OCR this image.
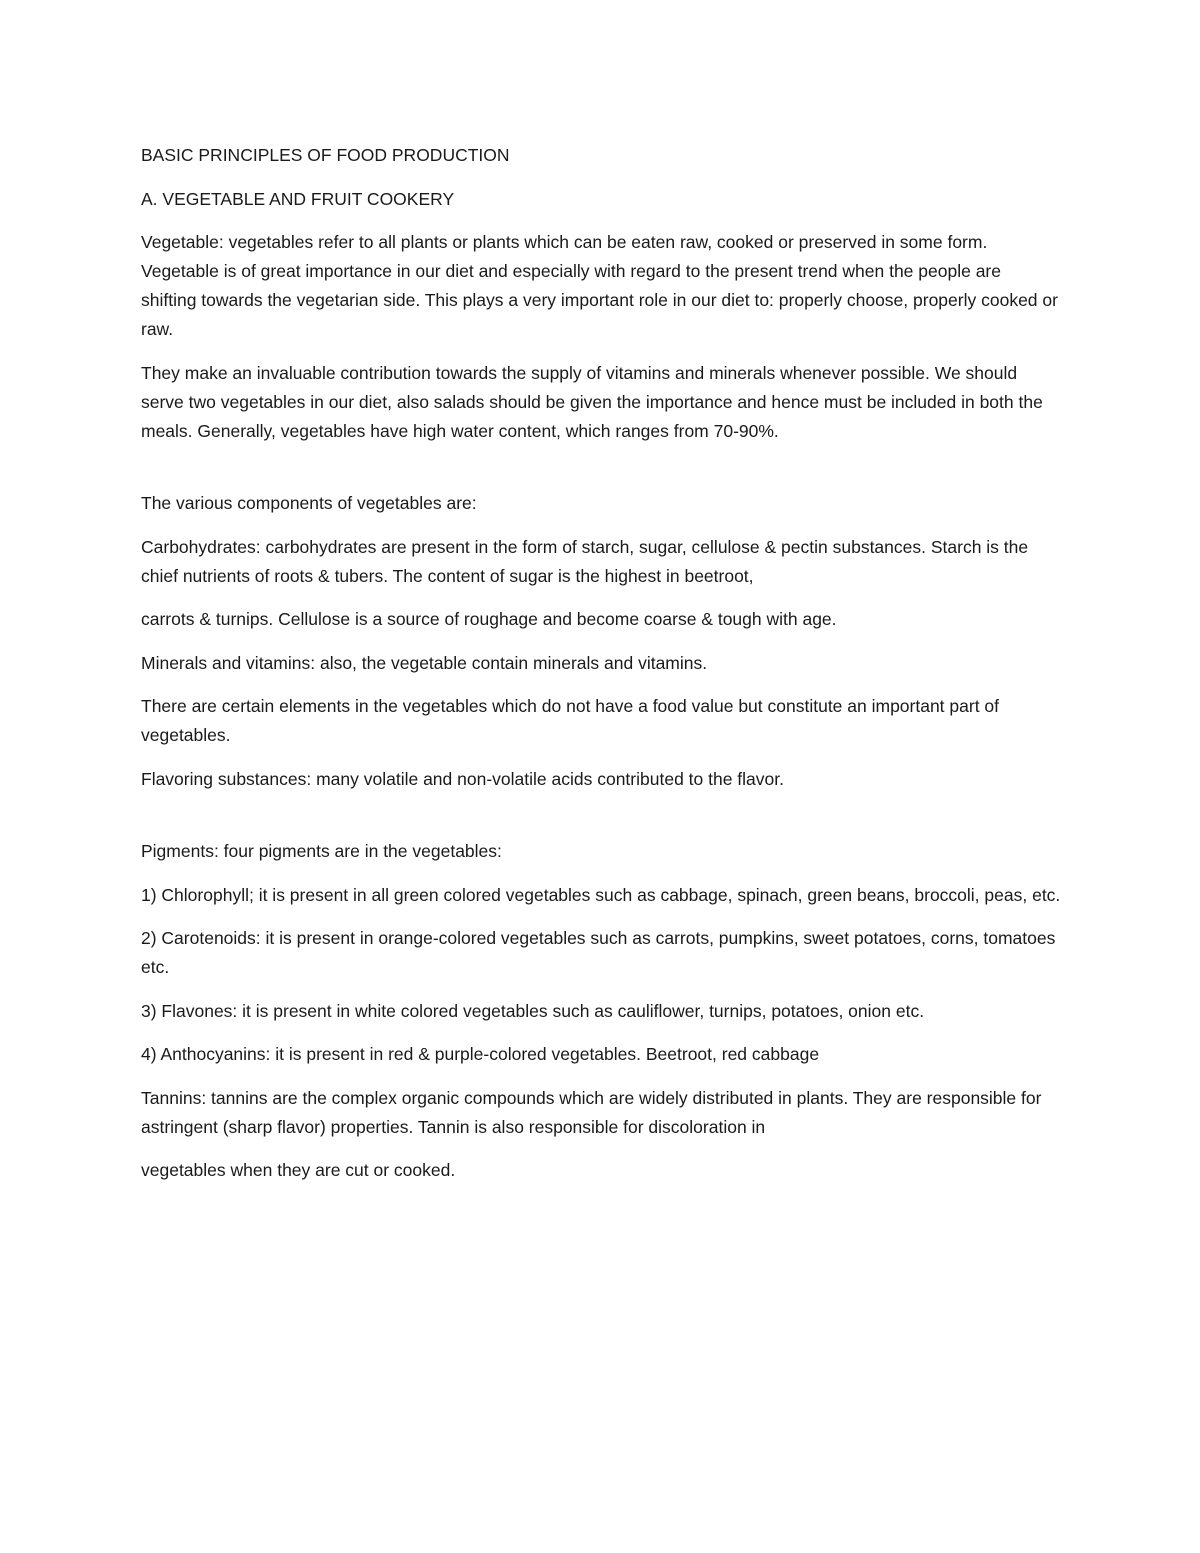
BASIC PRINCIPLES OF FOOD PRODUCTION

A. VEGETABLE AND FRUIT COOKERY

Vegetable: vegetables refer to all plants or plants which can be eaten raw, cooked or preserved in some form. Vegetable is of great importance in our diet and especially with regard to the present trend when the people are shifting towards the vegetarian side. This plays a very important role in our diet to: properly choose, properly cooked or raw.

They make an invaluable contribution towards the supply of vitamins and minerals whenever possible. We should serve two vegetables in our diet, also salads should be given the importance and hence must be included in both the meals. Generally, vegetables have high water content, which ranges from 70-90%.

The various components of vegetables are:

Carbohydrates: carbohydrates are present in the form of starch, sugar, cellulose & pectin substances. Starch is the chief nutrients of roots & tubers. The content of sugar is the highest in beetroot,

carrots & turnips. Cellulose is a source of roughage and become coarse & tough with age.

Minerals and vitamins: also, the vegetable contain minerals and vitamins.

There are certain elements in the vegetables which do not have a food value but constitute an important part of vegetables.

Flavoring substances: many volatile and non-volatile acids contributed to the flavor.

Pigments: four pigments are in the vegetables:

1) Chlorophyll; it is present in all green colored vegetables such as cabbage, spinach, green beans, broccoli, peas, etc.

2) Carotenoids: it is present in orange-colored vegetables such as carrots, pumpkins, sweet potatoes, corns, tomatoes etc.

3) Flavones: it is present in white colored vegetables such as cauliflower, turnips, potatoes, onion etc.

4) Anthocyanins: it is present in red & purple-colored vegetables. Beetroot, red cabbage

Tannins: tannins are the complex organic compounds which are widely distributed in plants. They are responsible for astringent (sharp flavor) properties. Tannin is also responsible for discoloration in

vegetables when they are cut or cooked.
